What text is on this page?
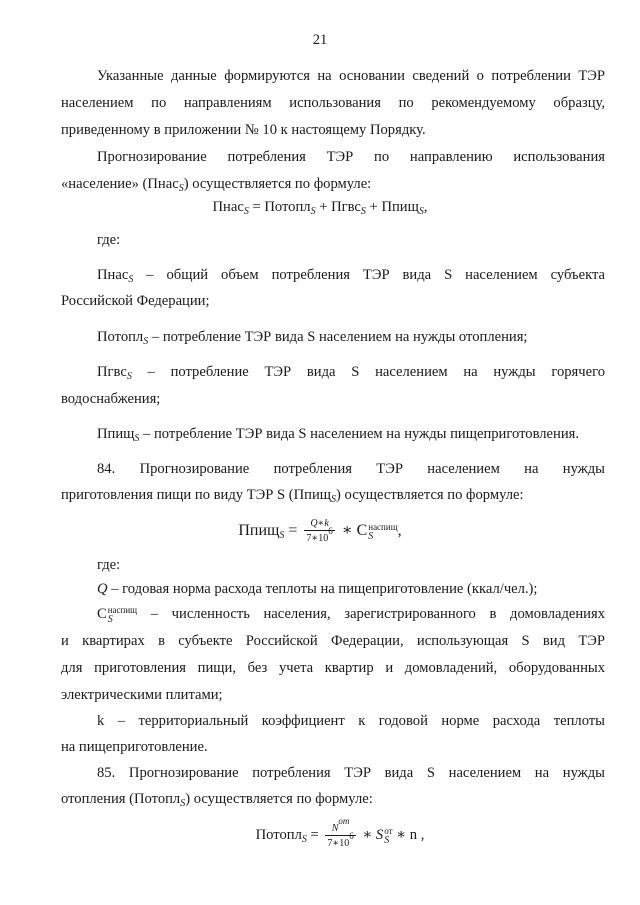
21
Указанные данные формируются на основании сведений о потреблении ТЭР
населением по направлениям использования по рекомендуемому образцу,
приведенному в приложении № 10 к настоящему Порядку.
Прогнозирование потребления ТЭР по направлению использования
«население» (Пнас$_S$) осуществляется по формуле:
Пнас$_S$ = Потопл$_S$ + Пгвс$_S$ + Ппищ$_S$,
где:
Пнас$_S$ – общий объем потребления ТЭР вида S населением субъекта
Российской Федерации;
Потопл$_S$ – потребление ТЭР вида S населением на нужды отопления;
Пгвс$_S$ – потребление ТЭР вида S населением на нужды горячего
водоснабжения;
Ппищ$_S$ – потребление ТЭР вида S населением на нужды пищеприготовления.
84. Прогнозирование потребления ТЭР населением на нужды
приготовления пищи по виду ТЭР S (Ппищ$_S$) осуществляется по формуле:
Ппищ$_S$ = $\frac{Q∗k}{7∗10^6}$ ∗ C наспищ
S	,
где:
Q – годовая норма расхода теплоты на пищеприготовление (ккал/чел.);
C наспищ
S	– численность населения, зарегистрированного в домовладениях
и квартирах в субъекте Российской Федерации, использующая S вид ТЭР
для приготовления пищи, без учета квартир и домовладений, оборудованных
электрическими плитами;
k – территориальный коэффициент к годовой норме расхода теплоты
на пищеприготовление.
85. Прогнозирование потребления ТЭР вида S населением на нужды
отопления (Потопл$_S$) осуществляется по формуле:
Потопл$_S$ = $\frac{N^{от}}{7∗10^6}$ ∗ S от
S ∗ n ,
